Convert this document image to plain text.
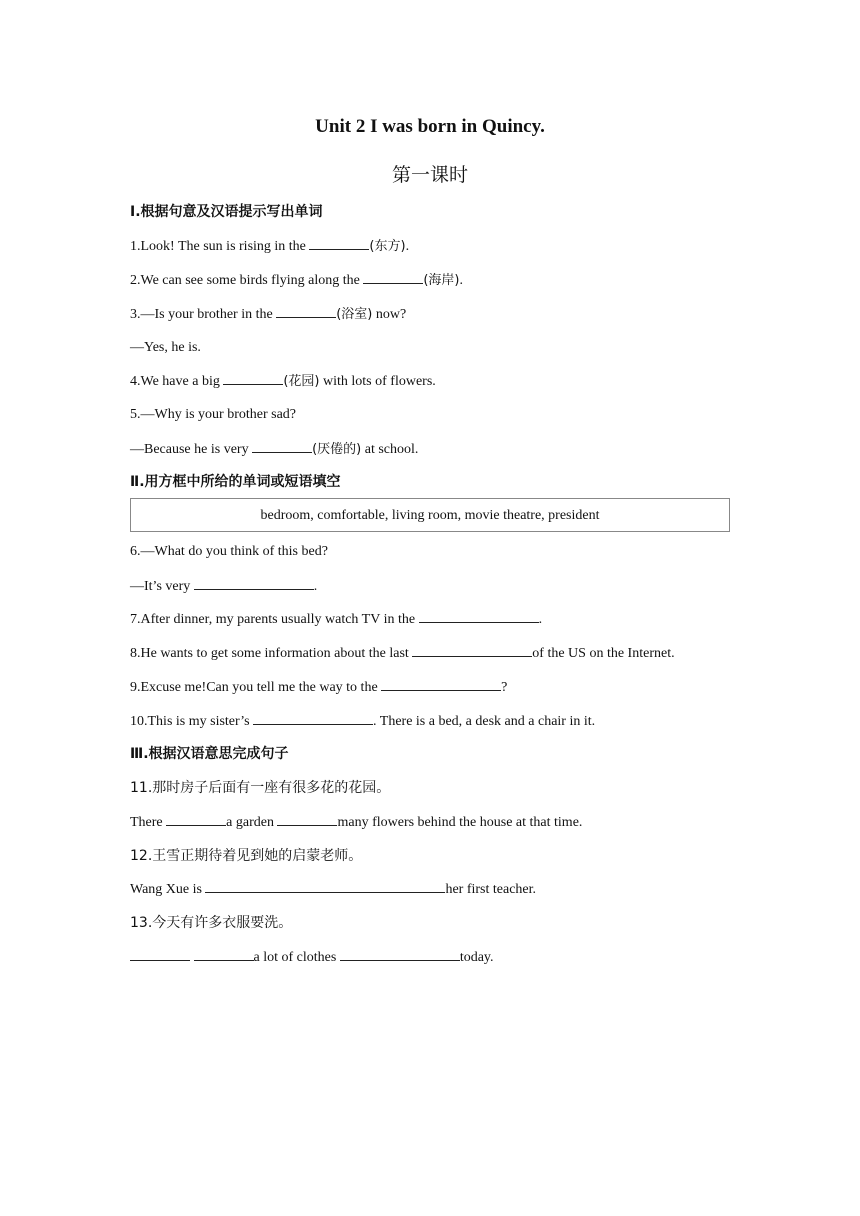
Unit 2 I was born in Quincy.
第一课时
Ⅰ.根据句意及汉语提示写出单词
1.Look! The sun is rising in the	(东方).
2.We can see some birds flying along the	(海岸).
3.—Is your brother in the	(浴室) now?
—Yes, he is.
4.We have a big	(花园) with lots of flowers.
5.—Why is your brother sad?
—Because he is very	(厌倦的) at school.
Ⅱ.用方框中所给的单词或短语填空
bedroom, comfortable, living room, movie theatre, president
6.—What do you think of this bed?
—It’s very	.
7.After dinner, my parents usually watch TV in the	.
8.He wants to get some information about the last	of the US on the Internet.
9.Excuse me!Can you tell me the way to the	?
10.This is my sister’s	. There is a bed, a desk and a chair in it.
Ⅲ.根据汉语意思完成句子
11.那时房子后面有一座有很多花的花园。
There	a garden	many flowers behind the house at that time.
12.王雪正期待着见到她的启蒙老师。
Wang Xue is	her first teacher.
13.今天有许多衣服要洗。
a lot of clothes	today.
